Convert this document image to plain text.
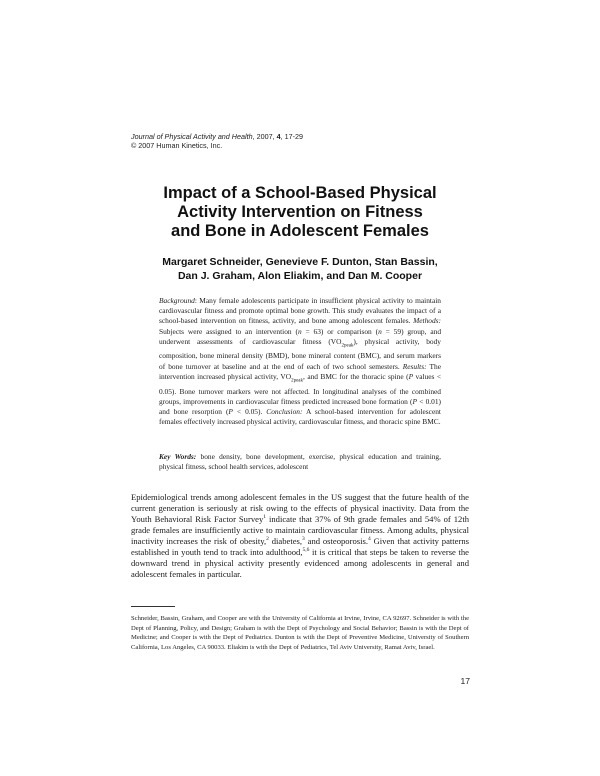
Journal of Physical Activity and Health, 2007, 4, 17-29
© 2007 Human Kinetics, Inc.
Impact of a School-Based Physical
Activity Intervention on Fitness
and Bone in Adolescent Females
Margaret Schneider, Genevieve F. Dunton, Stan Bassin,
Dan J. Graham, Alon Eliakim, and Dan M. Cooper
Background: Many female adolescents participate in insufficient physical activity to maintain cardiovascular fitness and promote optimal bone growth. This study evaluates the impact of a school-based intervention on fitness, activity, and bone among adolescent females. Methods: Subjects were assigned to an intervention (n = 63) or comparison (n = 59) group, and underwent assessments of cardiovascular fitness $(VO_{2peak})$, physical activity, body composition, bone mineral density (BMD), bone mineral content (BMC), and serum markers of bone turnover at baseline and at the end of each of two school semesters. Results: The intervention increased physical activity, $VO_{2peak}$, and BMC for the thoracic spine (P values < 0.05). Bone turnover markers were not affected. In longitudinal analyses of the combined groups, improvements in cardiovascular fitness predicted increased bone formation (P < 0.01) and bone resorption (P < 0.05). Conclusion: A school-based intervention for adolescent females effectively increased physical activity, cardiovascular fitness, and thoracic spine BMC.
Key Words: bone density, bone development, exercise, physical education and training, physical fitness, school health services, adolescent
Epidemiological trends among adolescent females in the US suggest that the future health of the current generation is seriously at risk owing to the effects of physical inactivity. Data from the Youth Behavioral Risk Factor Survey$^1$ indicate that 37% of 9th grade females and 54% of 12th grade females are insufficiently active to maintain cardiovascular fitness. Among adults, physical inactivity increases the risk of obesity,$^2$ diabetes,$^3$ and osteoporosis.$^4$ Given that activity patterns established in youth tend to track into adulthood,$^{5,6}$ it is critical that steps be taken to reverse the downward trend in physical activity presently evidenced among adolescents in general and adolescent females in particular.
Schneider, Bassin, Graham, and Cooper are with the University of California at Irvine, Irvine, CA 92697. Schneider is with the Dept of Planning, Policy, and Design; Graham is with the Dept of Psychology and Social Behavior; Bassin is with the Dept of Medicine; and Cooper is with the Dept of Pediatrics. Dunton is with the Dept of Preventive Medicine, University of Southern California, Los Angeles, CA 90033. Eliakim is with the Dept of Pediatrics, Tel Aviv University, Ramat Aviv, Israel.
17
